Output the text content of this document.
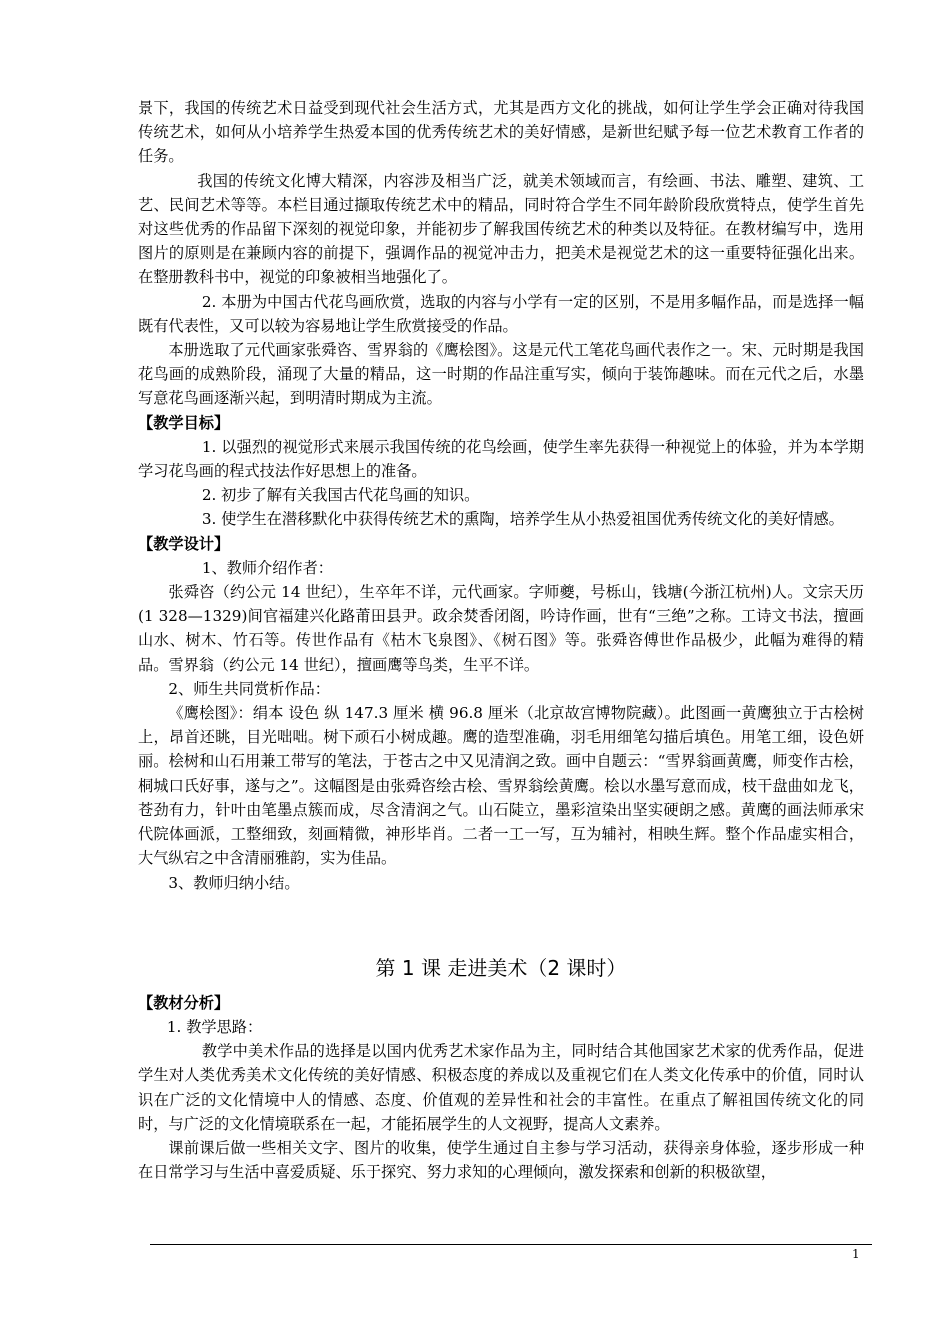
景下，我国的传统艺术日益受到现代社会生活方式，尤其是西方文化的挑战，如何让学生学会正确对待我国传统艺术，如何从小培养学生热爱本国的优秀传统艺术的美好情感，是新世纪赋予每一位艺术教育工作者的任务。

我国的传统文化博大精深，内容涉及相当广泛，就美术领域而言，有绘画、书法、雕塑、建筑、工艺、民间艺术等等。本栏目通过撷取传统艺术中的精品，同时符合学生不同年龄阶段欣赏特点，使学生首先对这些优秀的作品留下深刻的视觉印象，并能初步了解我国传统艺术的种类以及特征。在教材编写中，选用图片的原则是在兼顾内容的前提下，强调作品的视觉冲击力，把美术是视觉艺术的这一重要特征强化出来。在整册教科书中，视觉的印象被相当地强化了。

2. 本册为中国古代花鸟画欣赏，选取的内容与小学有一定的区别，不是用多幅作品，而是选择一幅既有代表性，又可以较为容易地让学生欣赏接受的作品。

本册选取了元代画家张舜咨、雪界翁的《鹰桧图》。这是元代工笔花鸟画代表作之一。宋、元时期是我国花鸟画的成熟阶段，涌现了大量的精品，这一时期的作品注重写实，倾向于装饰趣味。而在元代之后，水墨写意花鸟画逐渐兴起，到明清时期成为主流。

【教学目标】

1. 以强烈的视觉形式来展示我国传统的花鸟绘画，使学生率先获得一种视觉上的体验，并为本学期学习花鸟画的程式技法作好思想上的准备。

2. 初步了解有关我国古代花鸟画的知识。

3. 使学生在潜移默化中获得传统艺术的熏陶，培养学生从小热爱祖国优秀传统文化的美好情感。

【教学设计】

1、教师介绍作者：

张舜咨（约公元 14 世纪），生卒年不详，元代画家。字师夔，号栎山，钱塘(今浙江杭州)人。文宗天历(1 328—1329)间官福建兴化路莆田县尹。政余焚香闭阁，吟诗作画，世有“三绝”之称。工诗文书法，擅画山水、树木、竹石等。传世作品有《枯木飞泉图》、《树石图》等。张舜咨傅世作品极少，此幅为难得的精品。雪界翁（约公元 14 世纪），擅画鹰等鸟类，生平不详。

2、师生共同赏析作品：

《鹰桧图》：绢本 设色 纵 147.3 厘米 横 96.8 厘米（北京故宫博物院藏）。此图画一黄鹰独立于古桧树上，昂首还眺，目光咄咄。树下顽石小树成趣。鹰的造型准确，羽毛用细笔勾描后填色。用笔工细，设色妍丽。桧树和山石用兼工带写的笔法，于苍古之中又见清润之致。画中自题云：“雪界翁画黄鹰，师变作古桧，桐城口氏好事，遂与之”。这幅图是由张舜咨绘古桧、雪界翁绘黄鹰。桧以水墨写意而成，枝干盘曲如龙飞，苍劲有力，针叶由笔墨点簇而成，尽含清润之气。山石陡立，墨彩渲染出坚实硬朗之感。黄鹰的画法师承宋代院体画派，工整细致，刻画精微，神形毕肖。二者一工一写，互为辅衬，相映生辉。整个作品虚实相合，大气纵宕之中含清丽雅韵，实为佳品。

3、教师归纳小结。

第 1 课 走进美术（2 课时）

【教材分析】

1. 教学思路：

教学中美术作品的选择是以国内优秀艺术家作品为主，同时结合其他国家艺术家的优秀作品，促进学生对人类优秀美术文化传统的美好情感、积极态度的养成以及重视它们在人类文化传承中的价值，同时认识在广泛的文化情境中人的情感、态度、价值观的差异性和社会的丰富性。在重点了解祖国传统文化的同时，与广泛的文化情境联系在一起，才能拓展学生的人文视野，提高人文素养。

课前课后做一些相关文字、图片的收集，使学生通过自主参与学习活动，获得亲身体验，逐步形成一种在日常学习与生活中喜爱质疑、乐于探究、努力求知的心理倾向，激发探索和创新的积极欲望，

1
